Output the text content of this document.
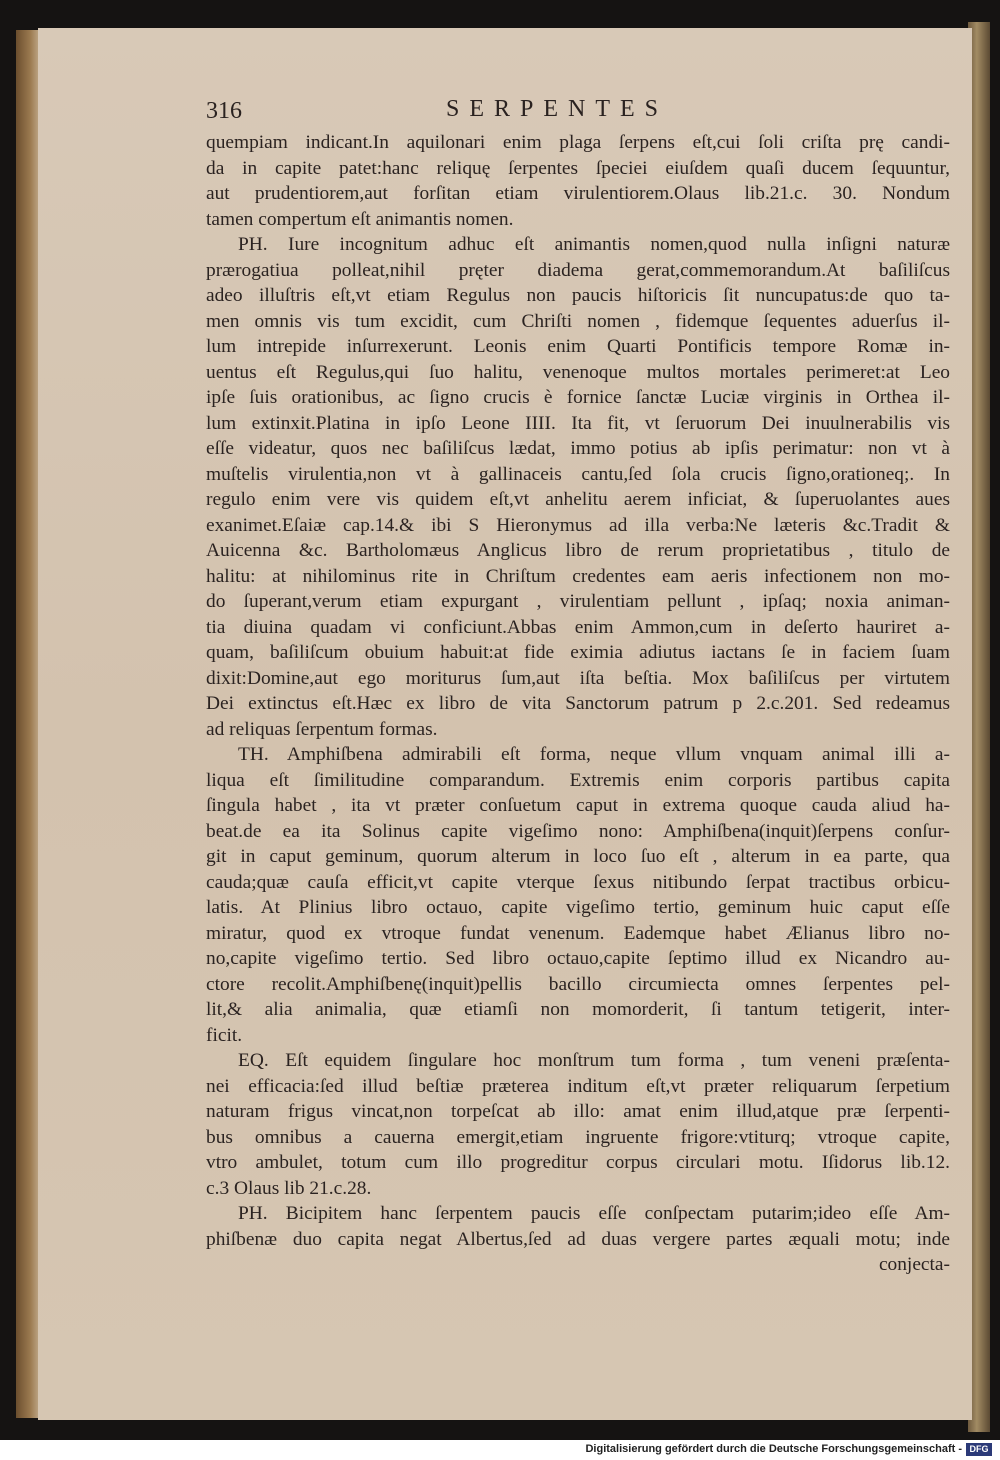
316	SERPENTES
quempiam indicant.In aquilonari enim plaga ſerpens eſt,cui ſoli criſta prę candi-
da in capite patet:hanc reliquę ſerpentes ſpeciei eiuſdem quaſi ducem ſequuntur,
aut prudentiorem,aut forſitan etiam virulentiorem.Olaus lib.21.c. 30. Nondum
tamen compertum eſt animantis nomen.
PH. Iure incognitum adhuc eſt animantis nomen,quod nulla inſigni naturæ
prærogatiua polleat,nihil pręter diadema gerat,commemorandum.At baſiliſcus
adeo illuſtris eſt,vt etiam Regulus non paucis hiſtoricis ſit nuncupatus:de quo ta-
men omnis vis tum excidit, cum Chriſti nomen , fidemque ſequentes aduerſus il-
lum intrepide inſurrexerunt. Leonis enim Quarti Pontificis tempore Romæ in-
uentus eſt Regulus,qui ſuo halitu, venenoque multos mortales perimeret:at Leo
ipſe ſuis orationibus, ac ſigno crucis è fornice ſanctæ Luciæ virginis in Orthea il-
lum extinxit.Platina in ipſo Leone IIII. Ita fit, vt ſeruorum Dei inuulnerabilis vis
eſſe videatur, quos nec baſiliſcus lædat, immo potius ab ipſis perimatur: non vt à
muſtelis virulentia,non vt à gallinaceis cantu,ſed ſola crucis ſigno,orationeq;. In
regulo enim vere vis quidem eſt,vt anhelitu aerem inficiat, & ſuperuolantes aues
exanimet.Eſaiæ cap.14.& ibi S Hieronymus ad illa verba:Ne læteris &c.Tradit &
Auicenna &c. Bartholomæus Anglicus libro de rerum proprietatibus , titulo de
halitu: at nihilominus rite in Chriſtum credentes eam aeris infectionem non mo-
do ſuperant,verum etiam expurgant , virulentiam pellunt , ipſaq; noxia animan-
tia diuina quadam vi conficiunt.Abbas enim Ammon,cum in deſerto hauriret a-
quam, baſiliſcum obuium habuit:at fide eximia adiutus iactans ſe in faciem ſuam
dixit:Domine,aut ego moriturus ſum,aut iſta beſtia. Mox baſiliſcus per virtutem
Dei extinctus eſt.Hæc ex libro de vita Sanctorum patrum p 2.c.201. Sed redeamus
ad reliquas ſerpentum formas.
TH. Amphiſbena admirabili eſt forma, neque vllum vnquam animal illi a-
liqua eſt ſimilitudine comparandum. Extremis enim corporis partibus capita
ſingula habet , ita vt præter conſuetum caput in extrema quoque cauda aliud ha-
beat.de ea ita Solinus capite vigeſimo nono: Amphiſbena(inquit)ſerpens conſur-
git in caput geminum, quorum alterum in loco ſuo eſt , alterum in ea parte, qua
cauda;quæ cauſa efficit,vt capite vterque ſexus nitibundo ſerpat tractibus orbicu-
latis. At Plinius libro octauo, capite vigeſimo tertio, geminum huic caput eſſe
miratur, quod ex vtroque fundat venenum. Eademque habet Ælianus libro no-
no,capite vigeſimo tertio. Sed libro octauo,capite ſeptimo illud ex Nicandro au-
ctore recolit.Amphiſbenę(inquit)pellis bacillo circumiecta omnes ſerpentes pel-
lit,& alia animalia, quæ etiamſi non momorderit, ſi tantum tetigerit, inter-
ficit.
EQ. Eſt equidem ſingulare hoc monſtrum tum forma , tum veneni præſenta-
nei efficacia:ſed illud beſtiæ præterea inditum eſt,vt præter reliquarum ſerpetium
naturam frigus vincat,non torpeſcat ab illo: amat enim illud,atque præ ſerpenti-
bus omnibus a cauerna emergit,etiam ingruente frigore:vtiturq; vtroque capite,
vtro ambulet, totum cum illo progreditur corpus circulari motu. Iſidorus lib.12.
c.3 Olaus lib 21.c.28.
PH. Bicipitem hanc ſerpentem paucis eſſe conſpectam putarim;ideo eſſe Am-
phiſbenæ duo capita negat Albertus,ſed ad duas vergere partes æquali motu; inde
conjecta-
Digitalisierung gefördert durch die Deutsche Forschungsgemeinschaft - DFG
